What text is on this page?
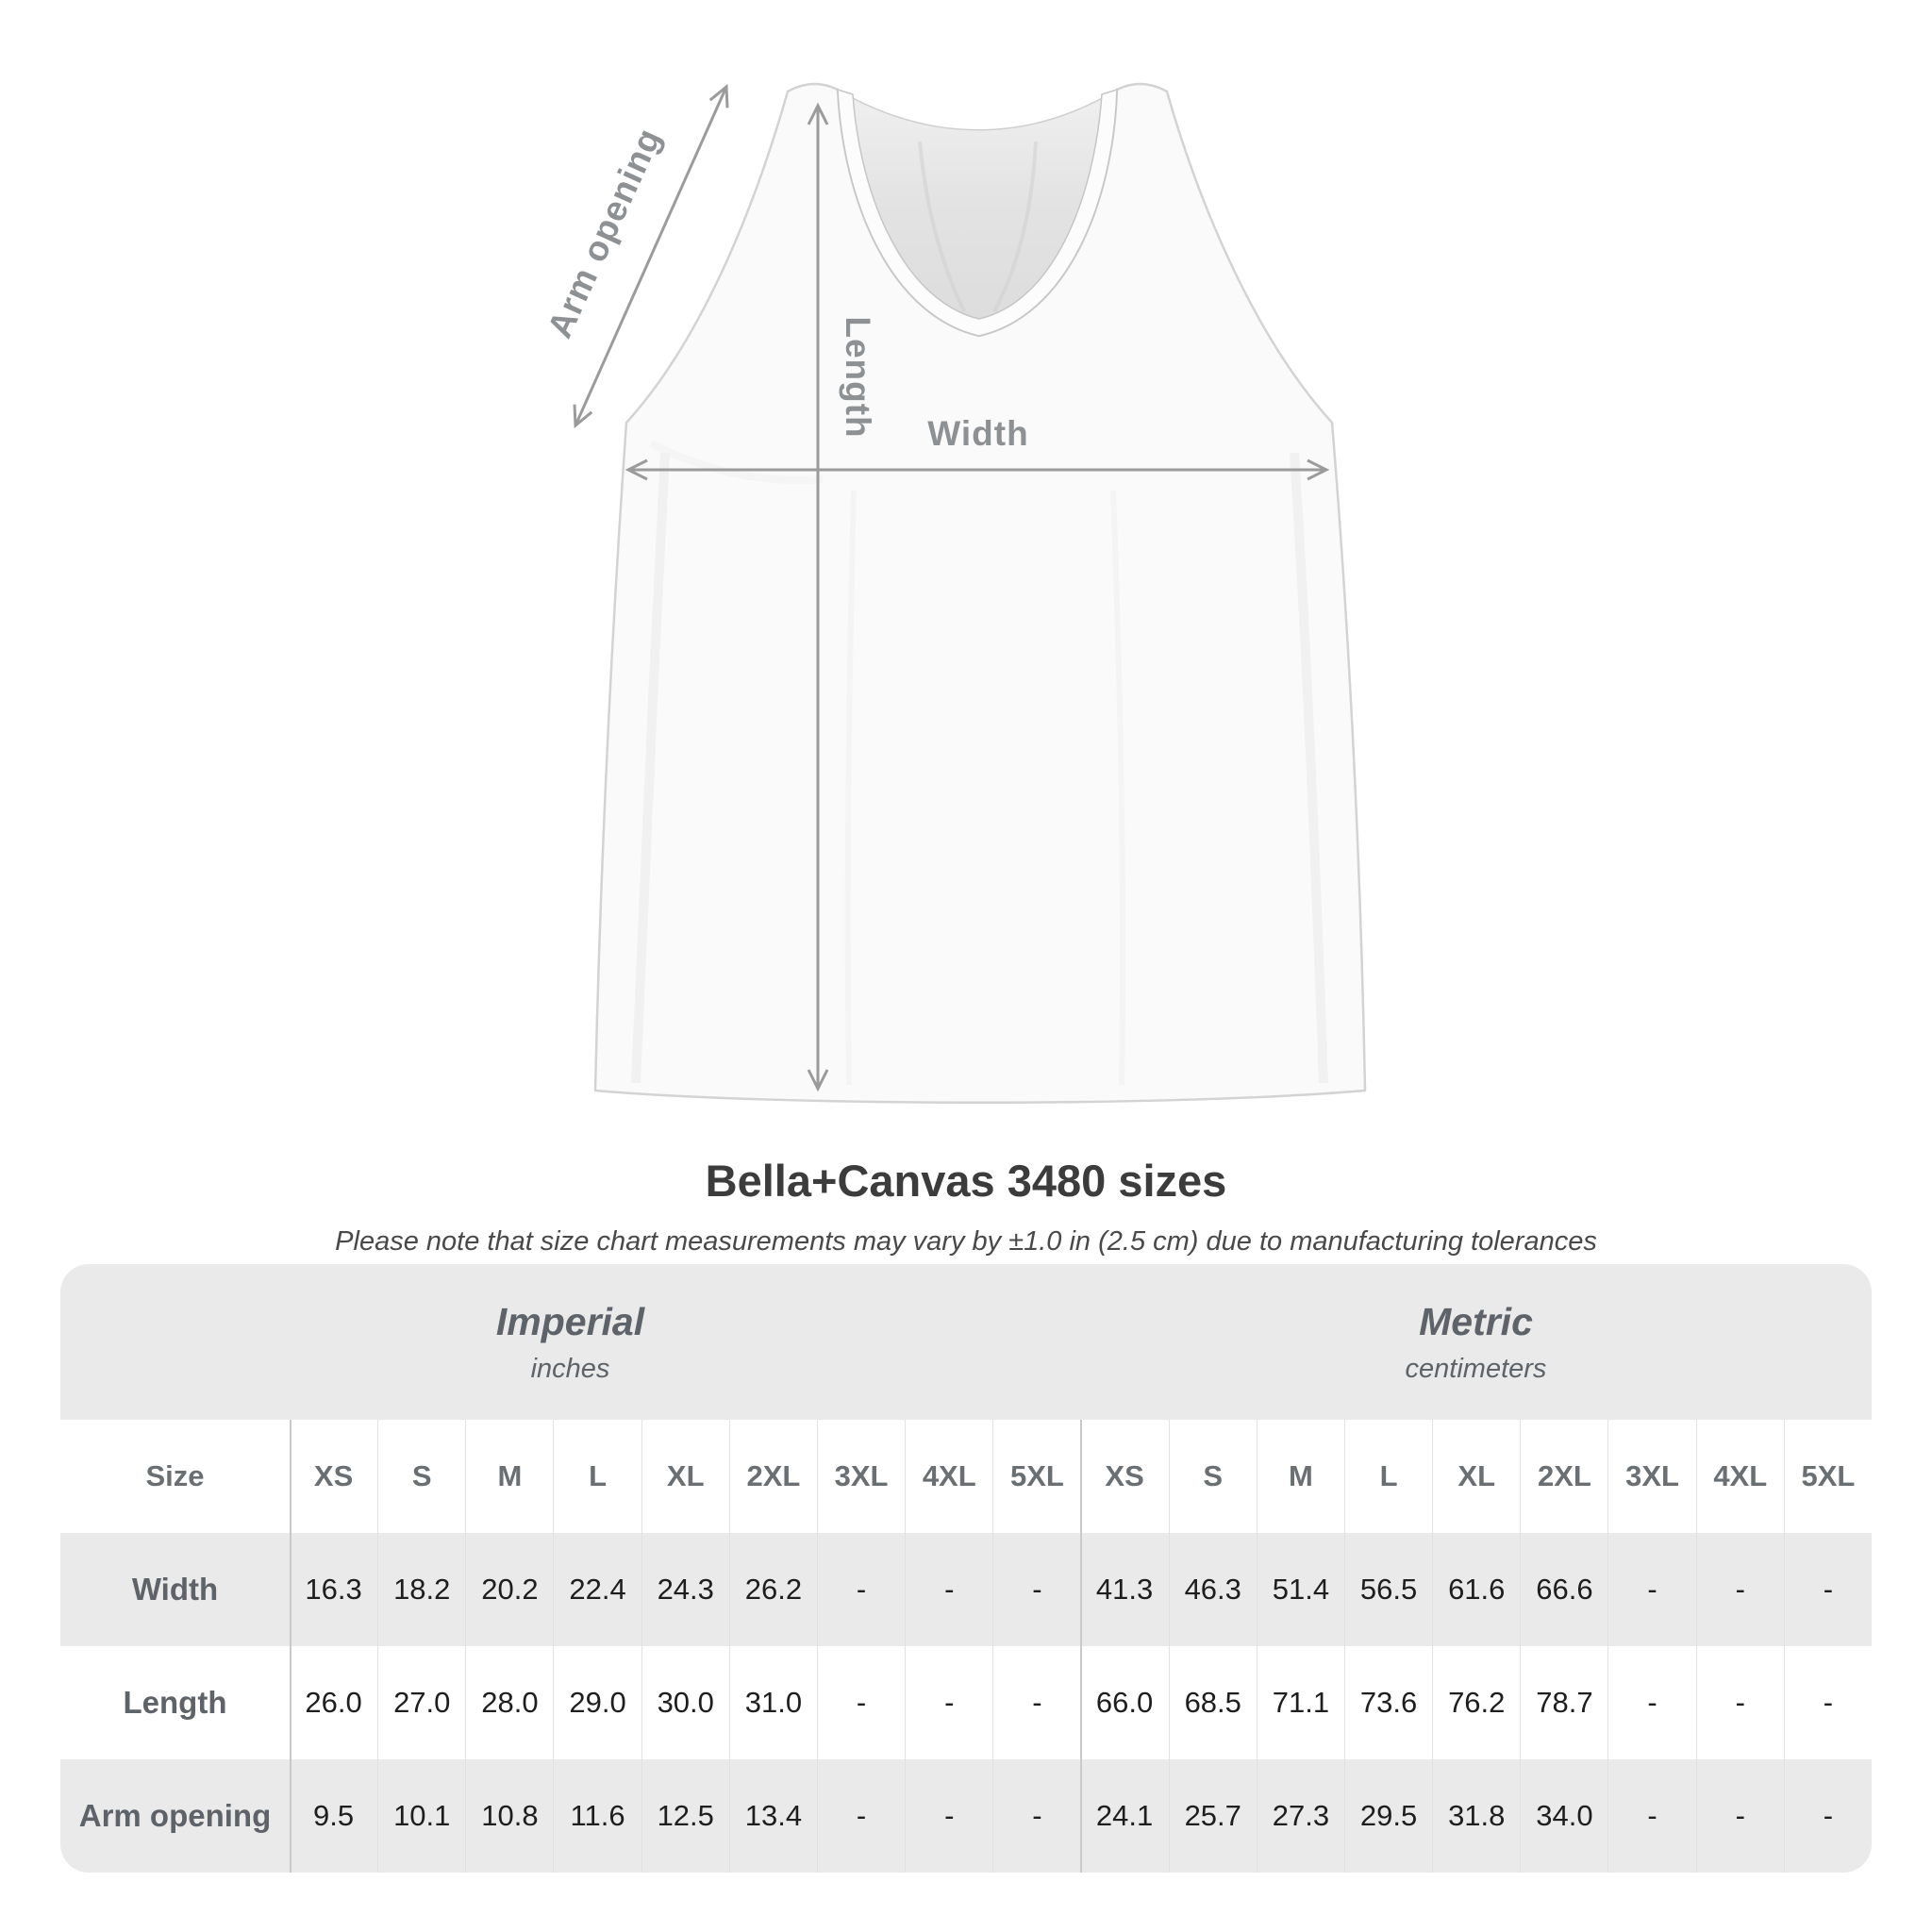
Arm opening
Length Width
Bella+Canvas 3480 sizes
Please note that size chart measurements may vary by ±1.0 in (2.5 cm) due to manufacturing tolerances
Imperial
inches
Metric
centimeters
Size	XS	S	M	L	XL	2XL	3XL	4XL	5XL	XS	S	M	L	XL	2XL	3XL	4XL	5XL
Width	16.3	18.2	20.2	22.4	24.3	26.2	-	-	-	41.3	46.3	51.4	56.5	61.6	66.6	-	-	-
Length	26.0	27.0	28.0	29.0	30.0	31.0	-	-	-	66.0	68.5	71.1	73.6	76.2	78.7	-	-	-
Arm opening	9.5	10.1	10.8	11.6	12.5	13.4	-	-	-	24.1	25.7	27.3	29.5	31.8	34.0	-	-	-
